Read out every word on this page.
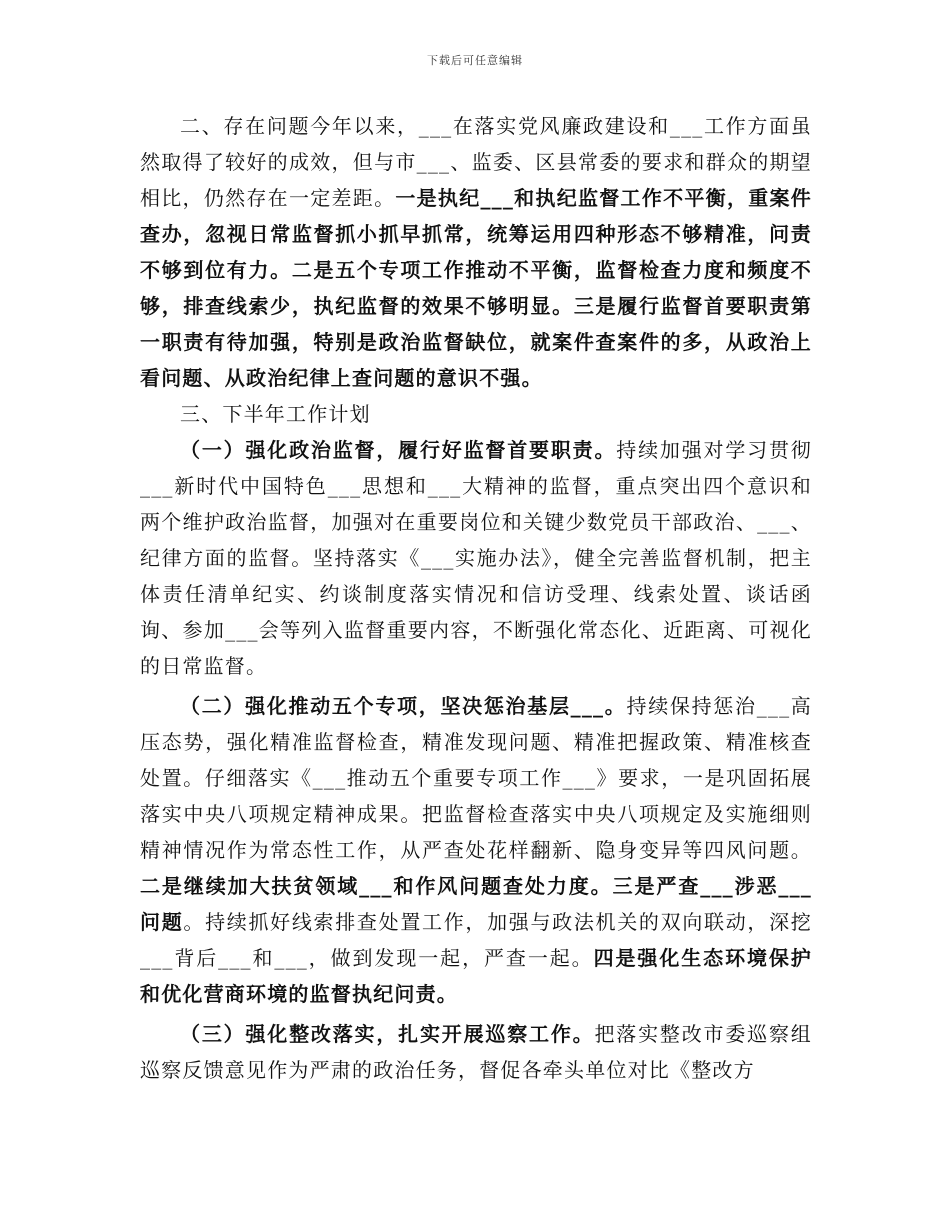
下载后可任意编辑

二、存在问题今年以来，___在落实党风廉政建设和___工作方面虽然取得了较好的成效，但与市___、监委、区县常委的要求和群众的期望相比，仍然存在一定差距。一是执纪___和执纪监督工作不平衡，重案件查办，忽视日常监督抓小抓早抓常，统筹运用四种形态不够精准，问责不够到位有力。二是五个专项工作推动不平衡，监督检查力度和频度不够，排查线索少，执纪监督的效果不够明显。三是履行监督首要职责第一职责有待加强，特别是政治监督缺位，就案件查案件的多，从政治上看问题、从政治纪律上查问题的意识不强。

三、下半年工作计划

（一）强化政治监督，履行好监督首要职责。持续加强对学习贯彻___新时代中国特色___思想和___大精神的监督，重点突出四个意识和两个维护政治监督，加强对在重要岗位和关键少数党员干部政治、___、纪律方面的监督。坚持落实《___实施办法》，健全完善监督机制，把主体责任清单纪实、约谈制度落实情况和信访受理、线索处置、谈话函询、参加___会等列入监督重要内容，不断强化常态化、近距离、可视化的日常监督。

（二）强化推动五个专项，坚决惩治基层___。持续保持惩治___高压态势，强化精准监督检查，精准发现问题、精准把握政策、精准核查处置。仔细落实《___推动五个重要专项工作___》要求，一是巩固拓展落实中央八项规定精神成果。把监督检查落实中央八项规定及实施细则精神情况作为常态性工作，从严查处花样翻新、隐身变异等四风问题。二是继续加大扶贫领域___和作风问题查处力度。三是严查___涉恶___问题。持续抓好线索排查处置工作，加强与政法机关的双向联动，深挖___背后___和___，做到发现一起，严查一起。四是强化生态环境保护和优化营商环境的监督执纪问责。

（三）强化整改落实，扎实开展巡察工作。把落实整改市委巡察组巡察反馈意见作为严肃的政治任务，督促各牵头单位对比《整改方
